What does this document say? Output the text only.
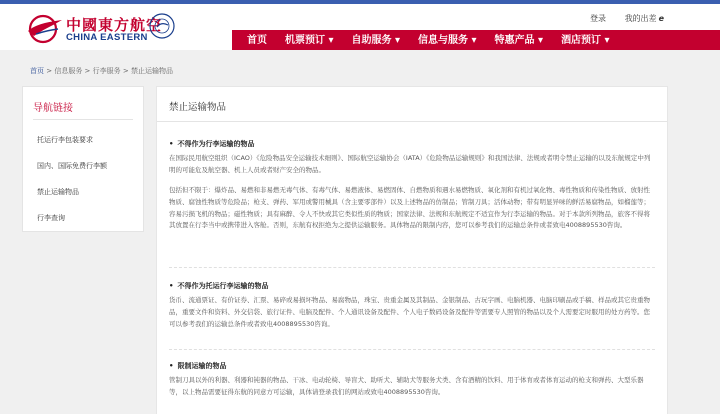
中國東方航空
CHINA EASTERN
登录 我的出差 e
首页	机票预订 ▾	自助服务 ▾	信息与服务 ▾	特惠产品 ▾	酒店预订 ▾
首页 > 信息服务 > 行李服务 > 禁止运输物品
导航链接
托运行李包装要求
国内、国际免费行李额
禁止运输物品
行李查询
禁止运输物品
• 不得作为行李运输的物品
在国际民用航空组织（ICAO）《危险物品安全运输技术细则》、国际航空运输协会（IATA）《危险物品运输规则》和我国法律、法规或者明令禁止运输的以及东航规定中列明的可能危及航空器、机上人员或者财产安全的物品。
包括但不限于：爆炸品、易燃和非易燃无毒气体、有毒气体、易燃液体、易燃固体、自燃物质和遇水易燃物质、氧化剂和有机过氧化物、毒性物质和传染性物质、放射性物质、腐蚀性物质等危险品；枪支、弹药、军用或警用械具（含主要零部件）以及上述物品的仿制品；管制刀具；活体动物；带有明显异味的鲜活易腐物品，如榴莲等；容易污损飞机的物品；磁性物质；具有麻醉、令人不快或其它类似性质的物质；国家法律、法规和东航规定不适宜作为行李运输的物品。对于本款所列物品，旅客不得将其放置在行李当中或携带进入客舱。否则，东航有权拒绝为之提供运输服务。具体物品的限制内容，您可以参考我们的运输总条件或者致电4008895530咨询。
• 不得作为托运行李运输的物品
货币、流通票证、有价证券、汇票、易碎或易损坏物品、易腐物品，珠宝、贵重金属及其制品、金银制品、古玩字画、电脑机器、电脑印刷品或手稿、样品或其它贵重物品，重要文件和资料、外交信袋、旅行证件、电脑及配件、个人通讯设备及配件、个人电子数码设备及配件等需要专人照管的物品以及个人需要定时服用的处方药等。您可以参考我们的运输总条件或者致电4008895530咨询。
• 限制运输的物品
管制刀具以外的利器、利器和钝器的物品、干冰、电动轮椅、导盲犬、助听犬、辅助犬等服务犬类、含有酒精的饮料、用于体育或者体育运动的枪支和弹药、大型乐器等，以上物品需要征得东航的同意方可运输，具体请登录我们的网站或致电4008895530咨询。
